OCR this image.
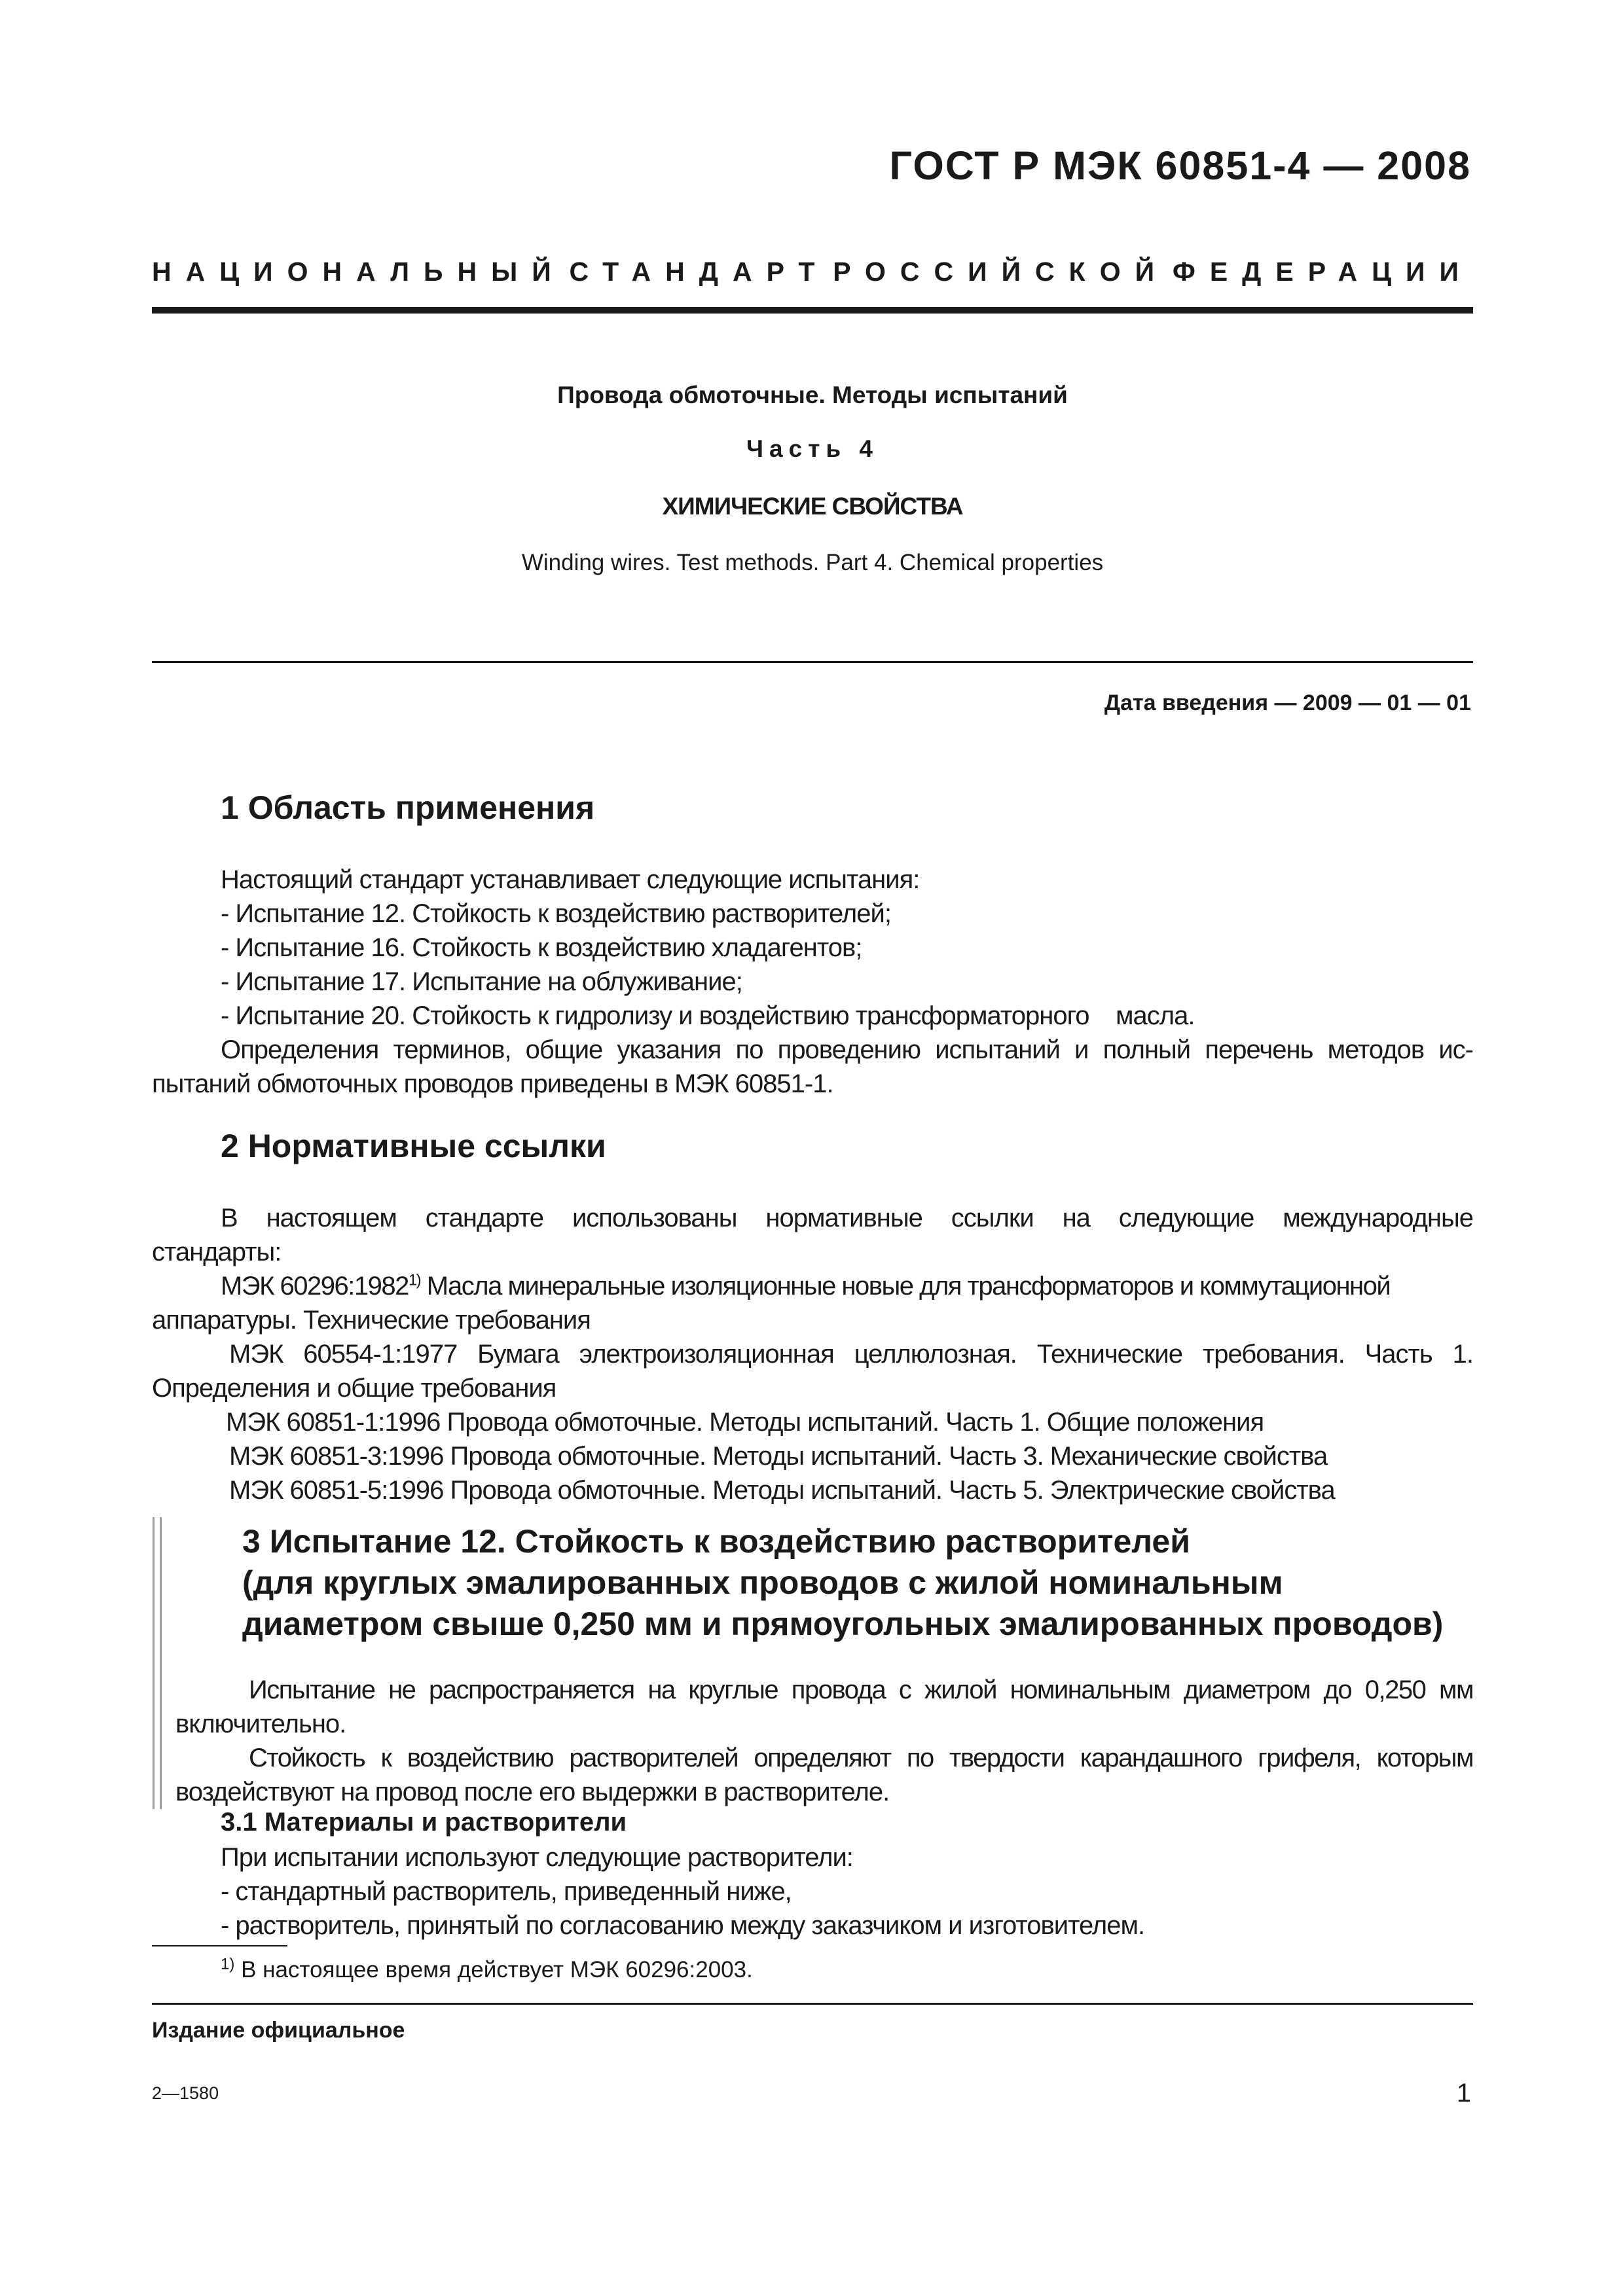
ГОСТ Р МЭК 60851-4 — 2008
НАЦИОНАЛЬНЫЙ СТАНДАРТ РОССИЙСКОЙ ФЕДЕРАЦИИ
Провода обмоточные. Методы испытаний
Часть 4
ХИМИЧЕСКИЕ СВОЙСТВА
Winding wires. Test methods. Part 4. Chemical properties
Дата введения — 2009 — 01 — 01
1 Область применения
Настоящий стандарт устанавливает следующие испытания:
- Испытание 12. Стойкость к воздействию растворителей;
- Испытание 16. Стойкость к воздействию хладагентов;
- Испытание 17. Испытание на облуживание;
- Испытание 20. Стойкость к гидролизу и воздействию трансформаторного    масла.
Определения терминов, общие указания по проведению испытаний и полный перечень методов ис-
пытаний обмоточных проводов приведены в МЭК 60851-1.
2 Нормативные ссылки
В настоящем стандарте использованы нормативные ссылки на следующие международные
стандарты:
МЭК 60296:1982$^{1)}$ Масла минеральные изоляционные новые для трансформаторов и коммутационной
аппаратуры. Технические требования
МЭК 60554-1:1977 Бумага электроизоляционная целлюлозная. Технические требования. Часть 1.
Определения и общие требования
МЭК 60851-1:1996 Провода обмоточные. Методы испытаний. Часть 1. Общие положения
МЭК 60851-3:1996 Провода обмоточные. Методы испытаний. Часть 3. Механические свойства
МЭК 60851-5:1996 Провода обмоточные. Методы испытаний. Часть 5. Электрические свойства
3 Испытание 12. Стойкость к воздействию растворителей
(для круглых эмалированных проводов с жилой номинальным
диаметром свыше 0,250 мм и прямоугольных эмалированных проводов)
Испытание не распространяется на круглые провода с жилой номинальным диаметром до 0,250 мм
включительно.
Стойкость к воздействию растворителей определяют по твердости карандашного грифеля, которым
воздействуют на провод после его выдержки в растворителе.
3.1 Материалы и растворители
При испытании используют следующие растворители:
- стандартный растворитель, приведенный ниже,
- растворитель, принятый по согласованию между заказчиком и изготовителем.
$^{1)}$ В настоящее время действует МЭК 60296:2003.
Издание официальное
2—1580	1
